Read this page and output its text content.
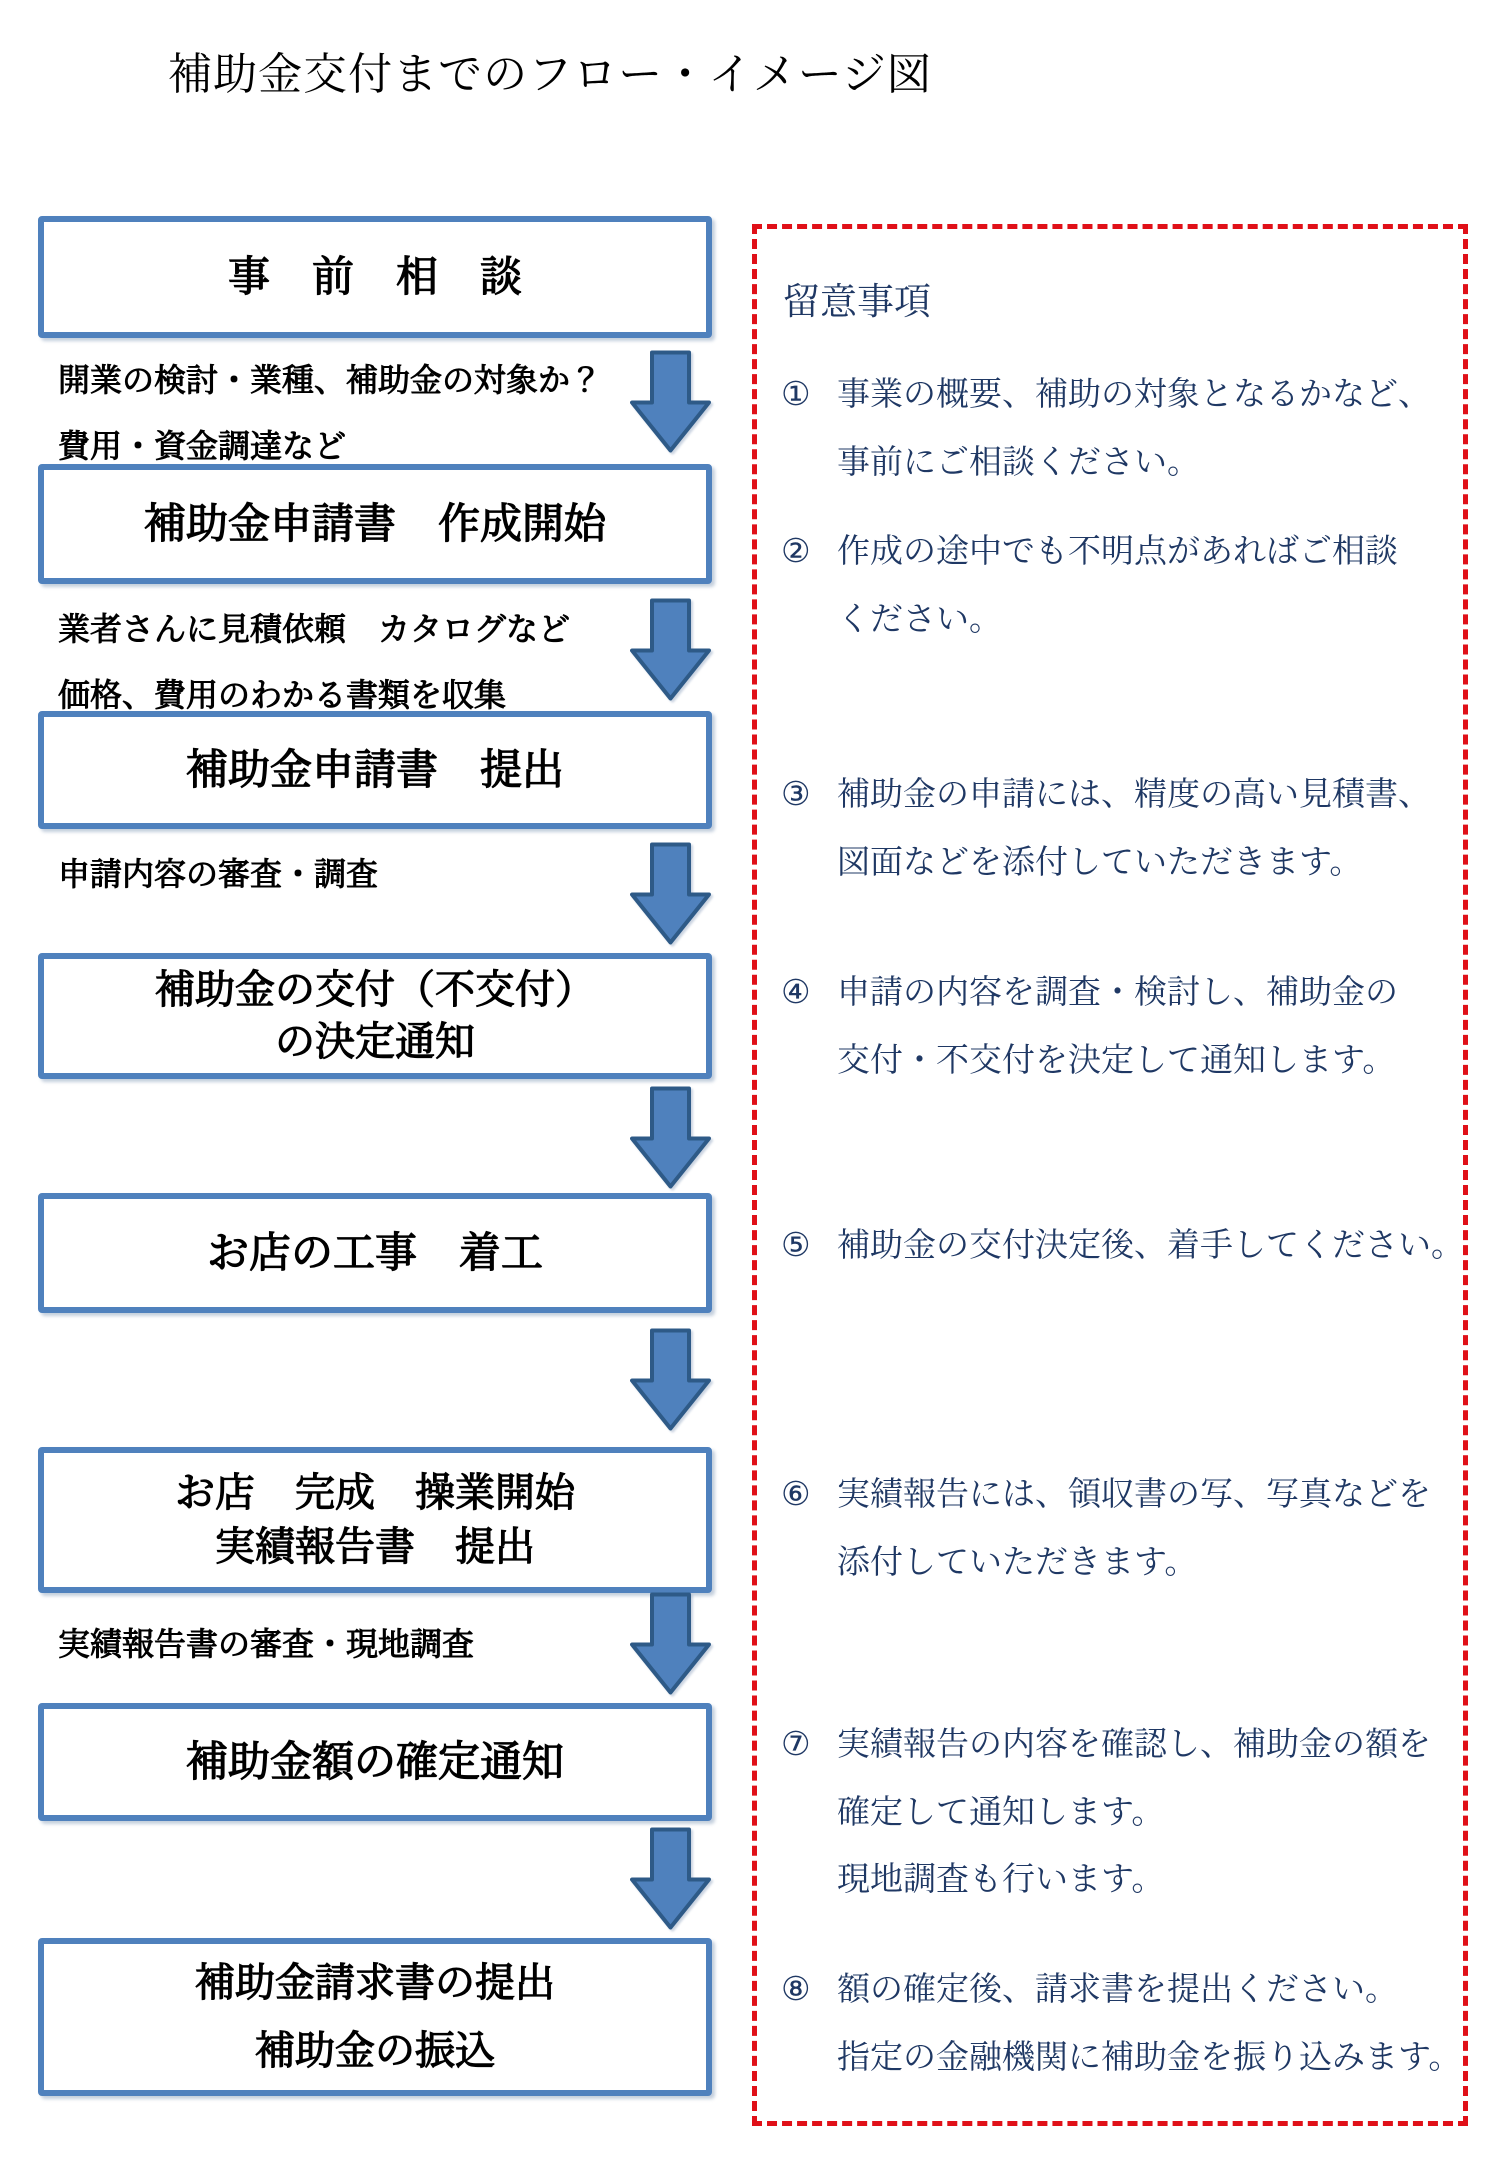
補助金交付までのフロー・イメージ図
事　前　相　談
補助金申請書　作成開始
補助金申請書　提出
補助金の交付（不交付）
の決定通知
お店の工事　着工
お店　完成　操業開始
実績報告書　提出
補助金額の確定通知
補助金請求書の提出
補助金の振込
開業の検討・業種、補助金の対象か？
費用・資金調達など
業者さんに見積依頼　カタログなど
価格、費用のわかる書類を収集
申請内容の審査・調査
実績報告書の審査・現地調査
留意事項
① 事業の概要、補助の対象となるかなど、
事前にご相談ください。
② 作成の途中でも不明点があればご相談
ください。
③ 補助金の申請には、精度の高い見積書、
図面などを添付していただきます。
④ 申請の内容を調査・検討し、補助金の
交付・不交付を決定して通知します。
⑤ 補助金の交付決定後、着手してください。
⑥ 実績報告には、領収書の写、写真などを
添付していただきます。
⑦ 実績報告の内容を確認し、補助金の額を
確定して通知します。
現地調査も行います。
⑧ 額の確定後、請求書を提出ください。
指定の金融機関に補助金を振り込みます。
